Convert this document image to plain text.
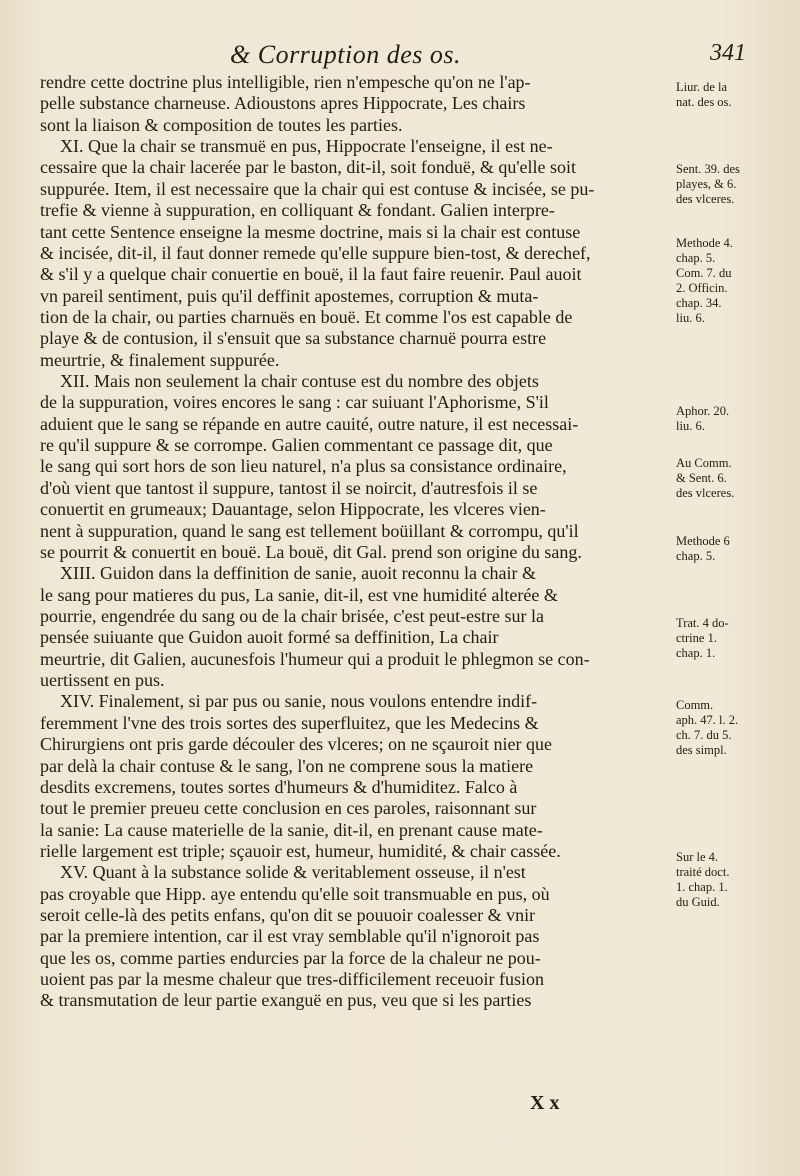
& Corruption des os.	341
rendre cette doctrine plus intelligible, rien n'empesche qu'on ne l'ap-
pelle substance charneuse. Adioustons apres Hippocrate, Les chairs
sont la liaison & composition de toutes les parties.
XI. Que la chair se transmuë en pus, Hippocrate l'enseigne, il est ne-
cessaire que la chair lacerée par le baston, dit-il, soit fonduë, & qu'elle soit
suppurée. Item, il est necessaire que la chair qui est contuse & incisée, se pu-
trefie & vienne à suppuration, en colliquant & fondant. Galien interpre-
tant cette Sentence enseigne la mesme doctrine, mais si la chair est contuse
& incisée, dit-il, il faut donner remede qu'elle suppure bien-tost, & derechef,
& s'il y a quelque chair conuertie en bouë, il la faut faire reuenir. Paul auoit
vn pareil sentiment, puis qu'il deffinit apostemes, corruption & muta-
tion de la chair, ou parties charnuës en bouë. Et comme l'os est capable de
playe & de contusion, il s'ensuit que sa substance charnuë pourra estre
meurtrie, & finalement suppurée.
XII. Mais non seulement la chair contuse est du nombre des objets
de la suppuration, voires encores le sang : car suiuant l'Aphorisme, S'il
aduient que le sang se répande en autre cauité, outre nature, il est necessai-
re qu'il suppure & se corrompe. Galien commentant ce passage dit, que
le sang qui sort hors de son lieu naturel, n'a plus sa consistance ordinaire,
d'où vient que tantost il suppure, tantost il se noircit, d'autresfois il se
conuertit en grumeaux; Dauantage, selon Hippocrate, les vlceres vien-
nent à suppuration, quand le sang est tellement boüillant & corrompu, qu'il
se pourrit & conuertit en bouë. La bouë, dit Gal. prend son origine du sang.
XIII. Guidon dans la deffinition de sanie, auoit reconnu la chair &
le sang pour matieres du pus, La sanie, dit-il, est vne humidité alterée &
pourrie, engendrée du sang ou de la chair brisée, c'est peut-estre sur la
pensée suiuante que Guidon auoit formé sa deffinition, La chair
meurtrie, dit Galien, aucunesfois l'humeur qui a produit le phlegmon se con-
uertissent en pus.
XIV. Finalement, si par pus ou sanie, nous voulons entendre indif-
feremment l'vne des trois sortes des superfluitez, que les Medecins &
Chirurgiens ont pris garde découler des vlceres; on ne sçauroit nier que
par delà la chair contuse & le sang, l'on ne comprene sous la matiere
desdits excremens, toutes sortes d'humeurs & d'humiditez. Falco à
tout le premier preueu cette conclusion en ces paroles, raisonnant sur
la sanie: La cause materielle de la sanie, dit-il, en prenant cause mate-
rielle largement est triple; sçauoir est, humeur, humidité, & chair cassée.
XV. Quant à la substance solide & veritablement osseuse, il n'est
pas croyable que Hipp. aye entendu qu'elle soit transmuable en pus, où
seroit celle-là des petits enfans, qu'on dit se pouuoir coalesser & vnir
par la premiere intention, car il est vray semblable qu'il n'ignoroit pas
que les os, comme parties endurcies par la force de la chaleur ne pou-
uoient pas par la mesme chaleur que tres-difficilement receuoir fusion
& transmutation de leur partie exanguë en pus, veu que si les parties
Liur. de la
nat. des os.
Sent. 39. des
playes, & 6.
des vlceres.
Methode 4.
chap. 5.
Com. 7. du
2. Officin.
chap. 34.
liu. 6.
Aphor. 20.
liu. 6.
Au Comm.
& Sent. 6.
des vlceres.
Methode 6
chap. 5.
Trat. 4 do-
ctrine 1.
chap. 1.
Comm.
aph. 47. l. 2.
ch. 7. du 5.
des simpl.
Sur le 4.
traité doct.
1. chap. 1.
du Guid.
X x
